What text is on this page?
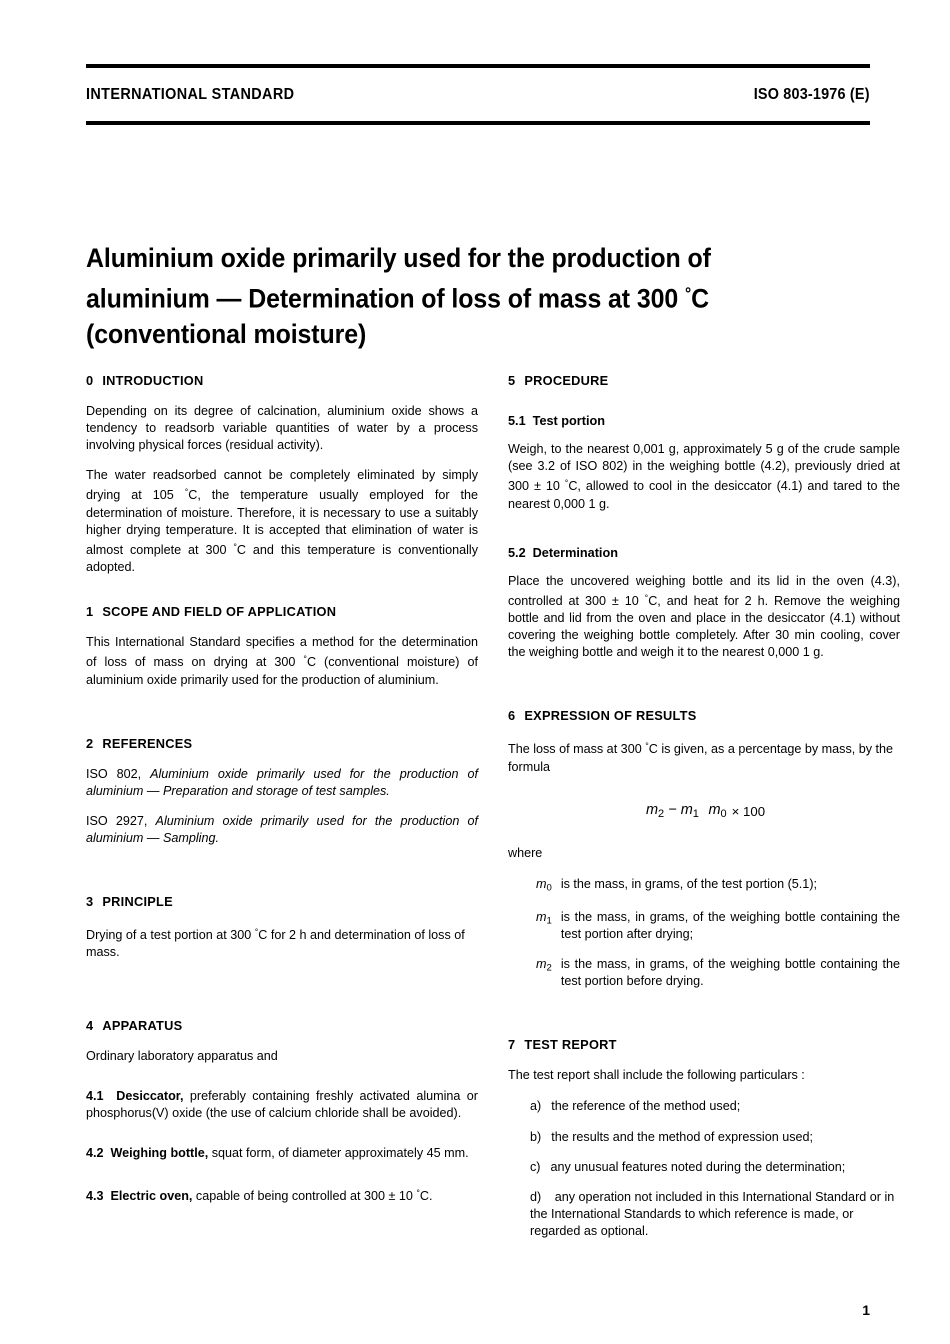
INTERNATIONAL STANDARD	ISO 803-1976 (E)
Aluminium oxide primarily used for the production of
aluminium — Determination of loss of mass at 300 °C
(conventional moisture)
0 INTRODUCTION

Depending on its degree of calcination, aluminium oxide shows a tendency to readsorb variable quantities of water by a process involving physical forces (residual activity).

The water readsorbed cannot be completely eliminated by simply drying at 105 °C, the temperature usually employed for the determination of moisture. Therefore, it is necessary to use a suitably higher drying temperature. It is accepted that elimination of water is almost complete at 300 °C and this temperature is conventionally adopted.

1 SCOPE AND FIELD OF APPLICATION

This International Standard specifies a method for the determination of loss of mass on drying at 300 °C (conventional moisture) of aluminium oxide primarily used for the production of aluminium.

2 REFERENCES

ISO 802, Aluminium oxide primarily used for the production of aluminium — Preparation and storage of test samples.

ISO 2927, Aluminium oxide primarily used for the production of aluminium — Sampling.

3 PRINCIPLE

Drying of a test portion at 300 °C for 2 h and determination of loss of mass.

4 APPARATUS

Ordinary laboratory apparatus and

4.1 Desiccator, preferably containing freshly activated alumina or phosphorus(V) oxide (the use of calcium chloride shall be avoided).

4.2 Weighing bottle, squat form, of diameter approximately 45 mm.

4.3 Electric oven, capable of being controlled at 300 ± 10 °C.

5 PROCEDURE
5.1 Test portion

Weigh, to the nearest 0,001 g, approximately 5 g of the crude sample (see 3.2 of ISO 802) in the weighing bottle (4.2), previously dried at 300 ± 10 °C, allowed to cool in the desiccator (4.1) and tared to the nearest 0,000 1 g.

5.2 Determination

Place the uncovered weighing bottle and its lid in the oven (4.3), controlled at 300 ± 10 °C, and heat for 2 h. Remove the weighing bottle and lid from the oven and place in the desiccator (4.1) without covering the weighing bottle completely. After 30 min cooling, cover the weighing bottle and weigh it to the nearest 0,000 1 g.

6 EXPRESSION OF RESULTS

The loss of mass at 300 °C is given, as a percentage by mass, by the formula

m2 − m1 m0 × 100

where

m0 is the mass, in grams, of the test portion (5.1);
m1 is the mass, in grams, of the weighing bottle containing the test portion after drying;
m2 is the mass, in grams, of the weighing bottle containing the test portion before drying.
7 TEST REPORT

The test report shall include the following particulars :

a) the reference of the method used;
b) the results and the method of expression used;
c) any unusual features noted during the determination;
d) any operation not included in this International Standard or in the International Standards to which reference is made, or regarded as optional.
1
